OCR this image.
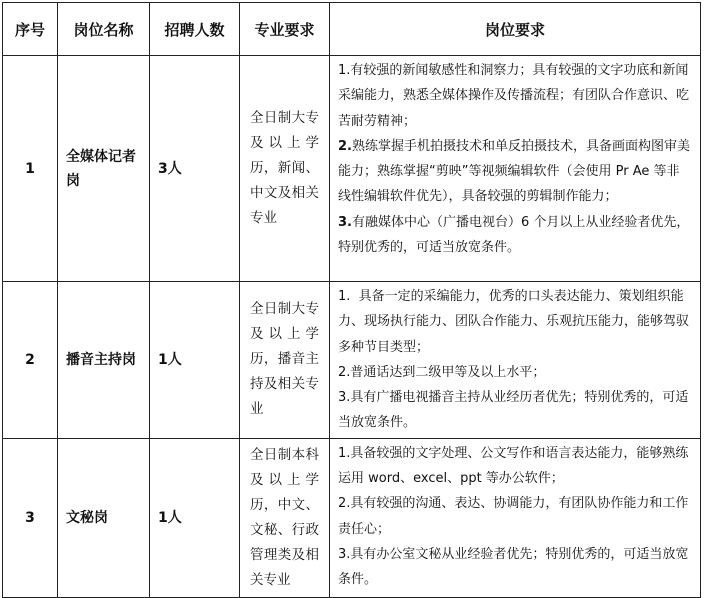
序号	岗位名称	招聘人数	专业要求	岗位要求
1	全媒体记者岗	3人	全日制大专及以上学历，新闻、中文及相关专业	1.有较强的新闻敏感性和洞察力；具有较强的文字功底和新闻采编能力，熟悉全媒体操作及传播流程；有团队合作意识、吃苦耐劳精神；

2.熟练掌握手机拍摄技术和单反拍摄技术，具备画面构图审美能力；熟练掌握“剪映”等视频编辑软件（会使用 Pr Ae 等非线性编辑软件优先），具备较强的剪辑制作能力；

3.有融媒体中心（广播电视台）6 个月以上从业经验者优先，特别优秀的，可适当放宽条件。

2	播音主持岗	1人	全日制大专及以上学历，播音主持及相关专业	1.  具备一定的采编能力，优秀的口头表达能力、策划组织能力、现场执行能力、团队合作能力、乐观抗压能力，能够驾驭多种节目类型；

2.普通话达到二级甲等及以上水平；

3.具有广播电视播音主持从业经历者优先；特别优秀的，可适当放宽条件。

3	文秘岗	1人	全日制本科及以上学历，中文、文秘、行政管理类及相关专业	1.具备较强的文字处理、公文写作和语言表达能力，能够熟练运用 word、excel、ppt 等办公软件；

2.具有较强的沟通、表达、协调能力，有团队协作能力和工作责任心；

3.具有办公室文秘从业经验者优先；特别优秀的，可适当放宽条件。
